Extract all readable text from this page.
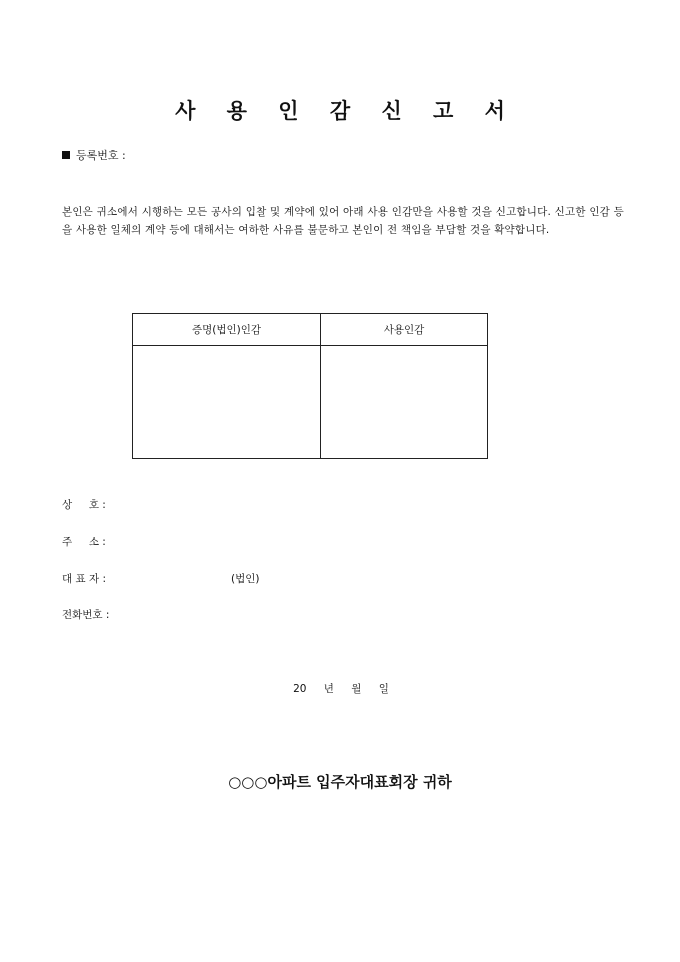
사 용 인 감 신 고 서
등록번호 :
본인은 귀소에서 시행하는 모든 공사의 입찰 및 계약에 있어 아래 사용 인감만을 사용할 것을 신고합니다. 신고한 인감 등을 사용한 일체의 계약 등에 대해서는 여하한 사유를 불문하고 본인이 전 책임을 부담할 것을 확약합니다.
증명(법인)인감	사용인감

상     호 :
주     소 :
대 표 자 :	(법인)
전화번호 :
20 년 월 일
○○○아파트 입주자대표회장 귀하
